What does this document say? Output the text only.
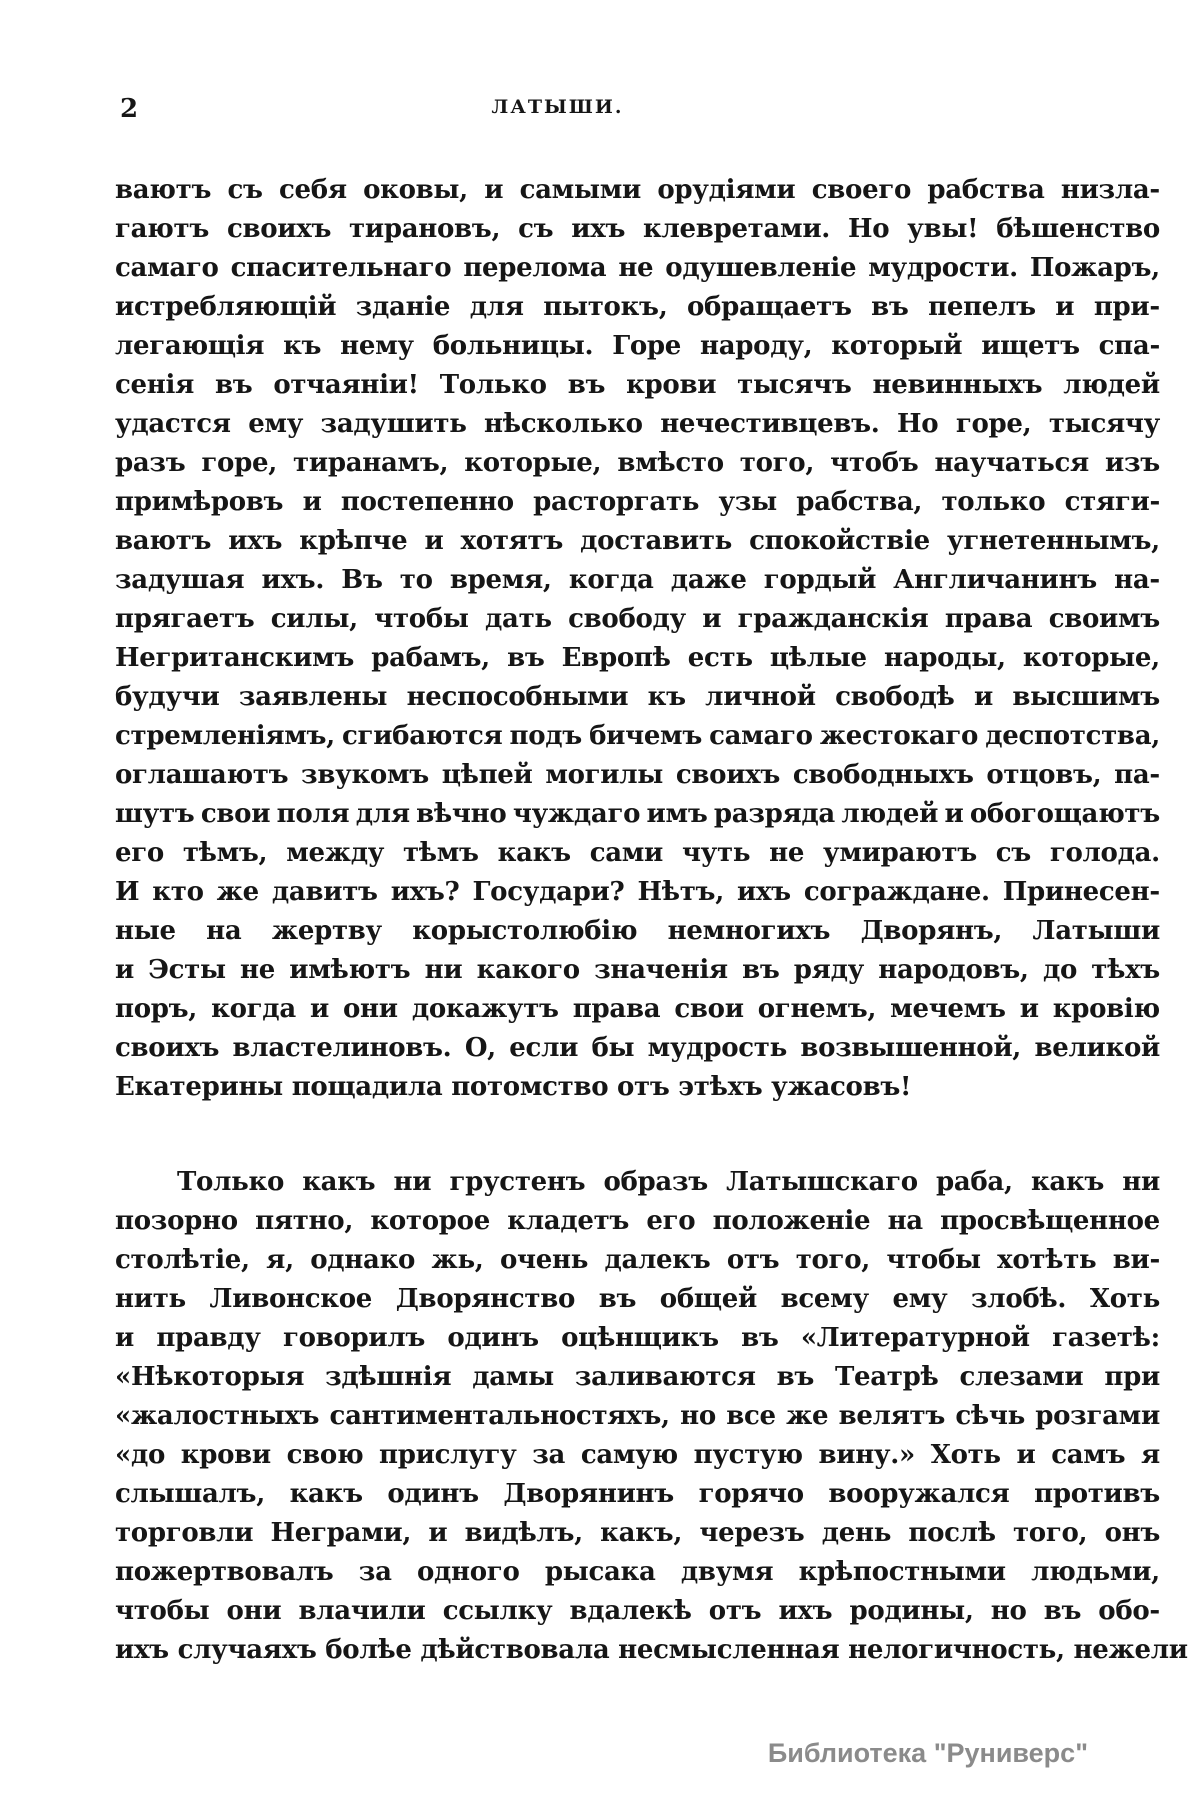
2	ЛАТЫШИ.
ваютъ съ себя оковы, и самыми орудіями своего рабства низла-
гаютъ своихъ тирановъ, съ ихъ клевретами. Но увы! бѣшенство
самаго спасительнаго перелома не одушевленіе мудрости. Пожаръ,
истребляющій зданіе для пытокъ, обращаетъ въ пепелъ и при-
легающія къ нему больницы. Горе народу, который ищетъ спа-
сенія въ отчаяніи! Только въ крови тысячъ невинныхъ людей
удастся ему задушить нѣсколько нечестивцевъ. Но горе, тысячу
разъ горе, тиранамъ, которые, вмѣсто того, чтобъ научаться изъ
примѣровъ и постепенно расторгать узы рабства, только стяги-
ваютъ ихъ крѣпче и хотятъ доставить спокойствіе угнетеннымъ,
задушая ихъ. Въ то время, когда даже гордый Англичанинъ на-
прягаетъ силы, чтобы дать свободу и гражданскія права своимъ
Негританскимъ рабамъ, въ Европѣ есть цѣлые народы, которые,
будучи заявлены неспособными къ личной свободѣ и высшимъ
стремленіямъ, сгибаются подъ бичемъ самаго жестокаго деспотства,
оглашаютъ звукомъ цѣпей могилы своихъ свободныхъ отцовъ, па-
шутъ свои поля для вѣчно чуждаго имъ разряда людей и обогощаютъ
его тѣмъ, между тѣмъ какъ сами чуть не умираютъ съ голода.
И кто же давитъ ихъ? Государи? Нѣтъ, ихъ сограждане. Принесен-
ные на жертву корыстолюбію немногихъ Дворянъ, Латыши
и Эсты не имѣютъ ни какого значенія въ ряду народовъ, до тѣхъ
поръ, когда и они докажутъ права свои огнемъ, мечемъ и кровію
своихъ властелиновъ. О, если бы мудрость возвышенной, великой
Екатерины пощадила потомство отъ этѣхъ ужасовъ!
Только какъ ни грустенъ образъ Латышскаго раба, какъ ни
позорно пятно, которое кладетъ его положеніе на просвѣщенное
столѣтіе, я, однако жь, очень далекъ отъ того, чтобы хотѣть ви-
нить Ливонское Дворянство въ общей всему ему злобѣ. Хоть
и правду говорилъ одинъ оцѣнщикъ въ «Литературной газетѣ:
«Нѣкоторыя здѣшнія дамы заливаются въ Театрѣ слезами при
«жалостныхъ сантиментальностяхъ, но все же велятъ сѣчь розгами
«до крови свою прислугу за самую пустую вину.» Хоть и самъ я
слышалъ, какъ одинъ Дворянинъ горячо вооружался противъ
торговли Неграми, и видѣлъ, какъ, черезъ день послѣ того, онъ
пожертвовалъ за одного рысака двумя крѣпостными людьми,
чтобы они влачили ссылку вдалекѣ отъ ихъ родины, но въ обо-
ихъ случаяхъ болѣе дѣйствовала несмысленная нелогичность, нежели
Библиотека "Руниверс"
